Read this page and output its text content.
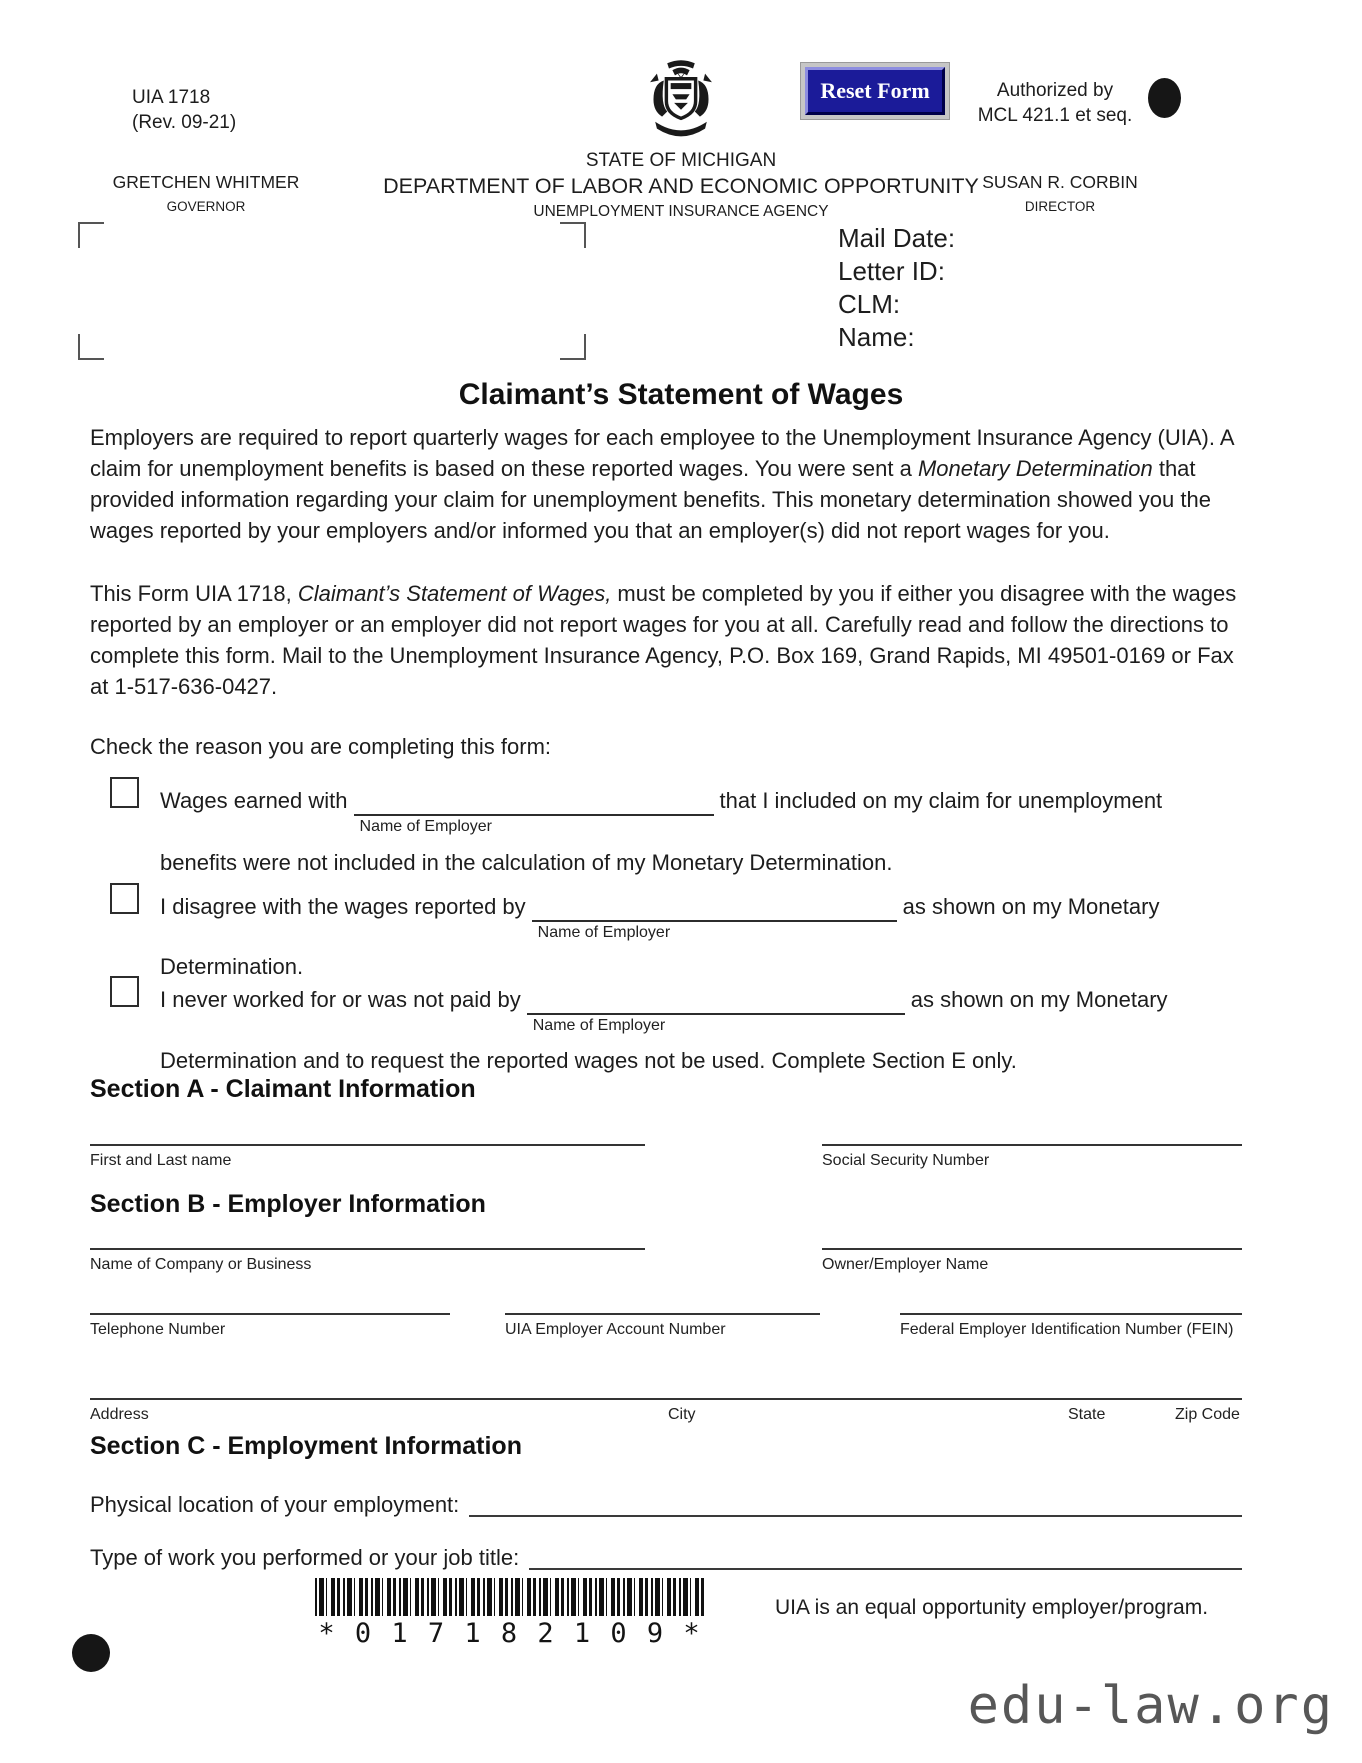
UIA 1718
(Rev. 09-21)
Reset Form	Authorized by
MCL 421.1 et seq.
STATE OF MICHIGAN
DEPARTMENT OF LABOR AND ECONOMIC OPPORTUNITY
UNEMPLOYMENT INSURANCE AGENCY
GRETCHEN WHITMER
GOVERNOR
SUSAN R. CORBIN
DIRECTOR
Mail Date:
Letter ID:
CLM:
Name:
Claimant’s Statement of Wages

Employers are required to report quarterly wages for each employee to the Unemployment Insurance Agency (UIA). A claim for unemployment benefits is based on these reported wages. You were sent a Monetary Determination that provided information regarding your claim for unemployment benefits. This monetary determination showed you the wages reported by your employers and/or informed you that an employer(s) did not report wages for you.

This Form UIA 1718, Claimant’s Statement of Wages, must be completed by you if either you disagree with the wages reported by an employer or an employer did not report wages for you at all. Carefully read and follow the directions to complete this form. Mail to the Unemployment Insurance Agency, P.O. Box 169, Grand Rapids, MI 49501-0169 or Fax at 1-517-636-0427.

Check the reason you are completing this form:
Wages earned with
Name of Employer
that I included on my claim for unemployment
benefits were not included in the calculation of my Monetary Determination.
I disagree with the wages reported by
Name of Employer
as shown on my Monetary
Determination.
I never worked for or was not paid by
Name of Employer
as shown on my Monetary
Determination and to request the reported wages not be used. Complete Section E only.
Section A - Claimant Information
First and Last name	Social Security Number
Section B - Employer Information
Name of Company or Business	Owner/Employer Name
Telephone Number	UIA Employer Account Number	Federal Employer Identification Number (FEIN)
Address	City	State	Zip Code
Section C - Employment Information
Physical location of your employment:
Type of work you performed or your job title:
* 0 1 7 1 8 2 1 0 9 *
UIA is an equal opportunity employer/program.
edu-law.org
